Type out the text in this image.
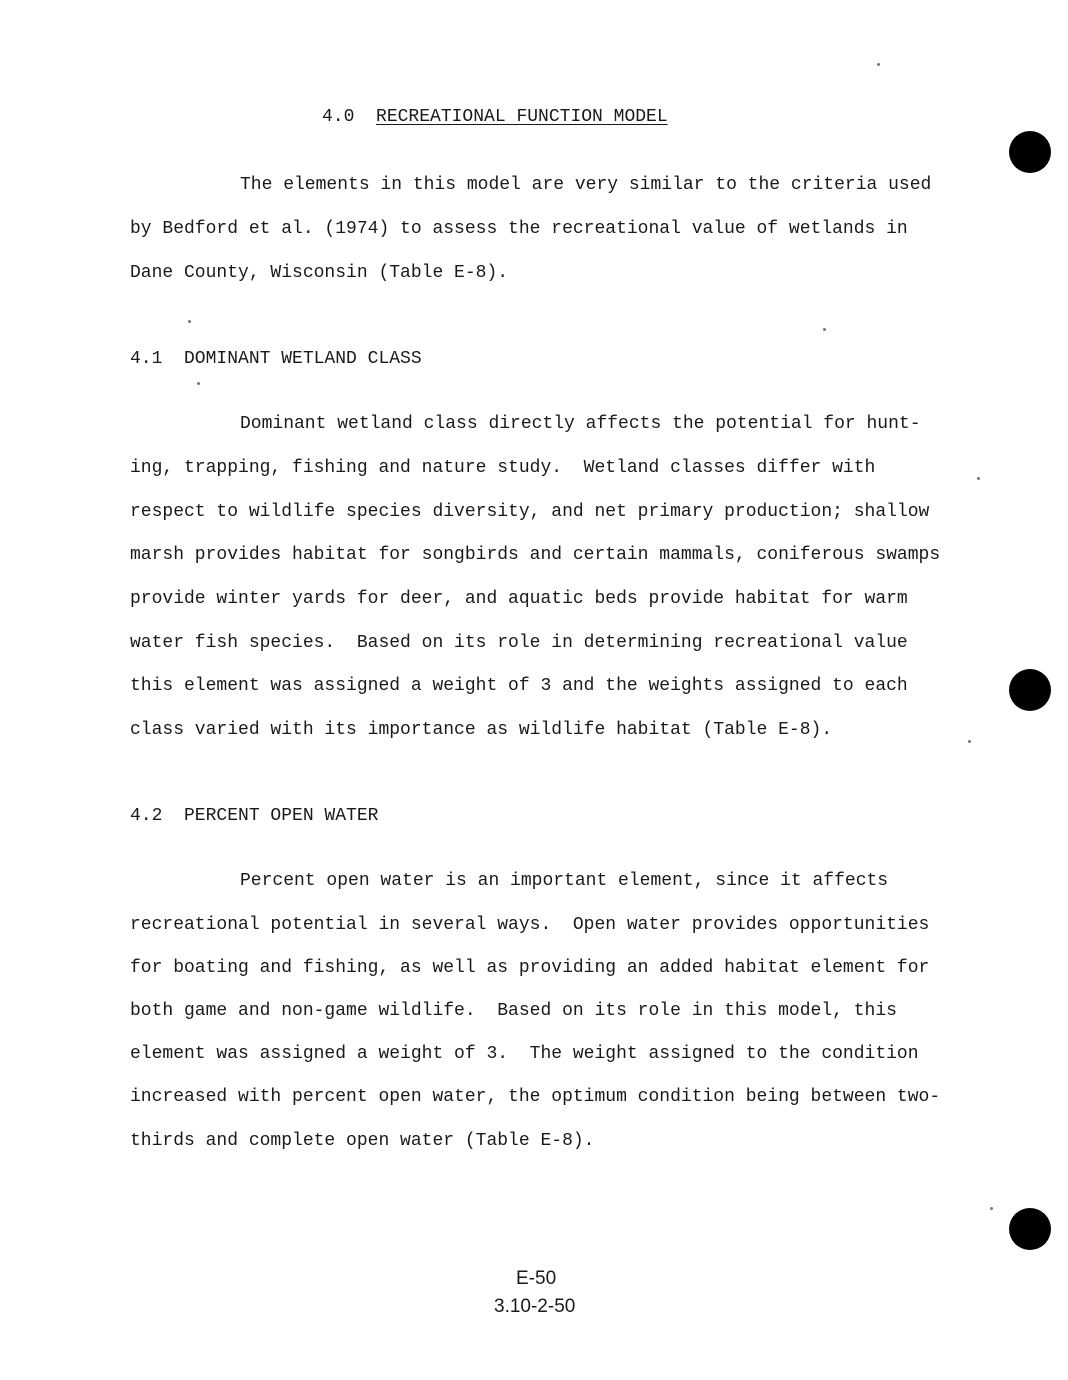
4.0 RECREATIONAL FUNCTION MODEL
The elements in this model are very similar to the criteria used
by Bedford et al. (1974) to assess the recreational value of wetlands in
Dane County, Wisconsin (Table E-8).
4.1  DOMINANT WETLAND CLASS
Dominant wetland class directly affects the potential for hunt-
ing, trapping, fishing and nature study.  Wetland classes differ with
respect to wildlife species diversity, and net primary production; shallow
marsh provides habitat for songbirds and certain mammals, coniferous swamps
provide winter yards for deer, and aquatic beds provide habitat for warm
water fish species.  Based on its role in determining recreational value
this element was assigned a weight of 3 and the weights assigned to each
class varied with its importance as wildlife habitat (Table E-8).
4.2  PERCENT OPEN WATER
Percent open water is an important element, since it affects
recreational potential in several ways.  Open water provides opportunities
for boating and fishing, as well as providing an added habitat element for
both game and non-game wildlife.  Based on its role in this model, this
element was assigned a weight of 3.  The weight assigned to the condition
increased with percent open water, the optimum condition being between two-
thirds and complete open water (Table E-8).
E-50
3.10-2-50
